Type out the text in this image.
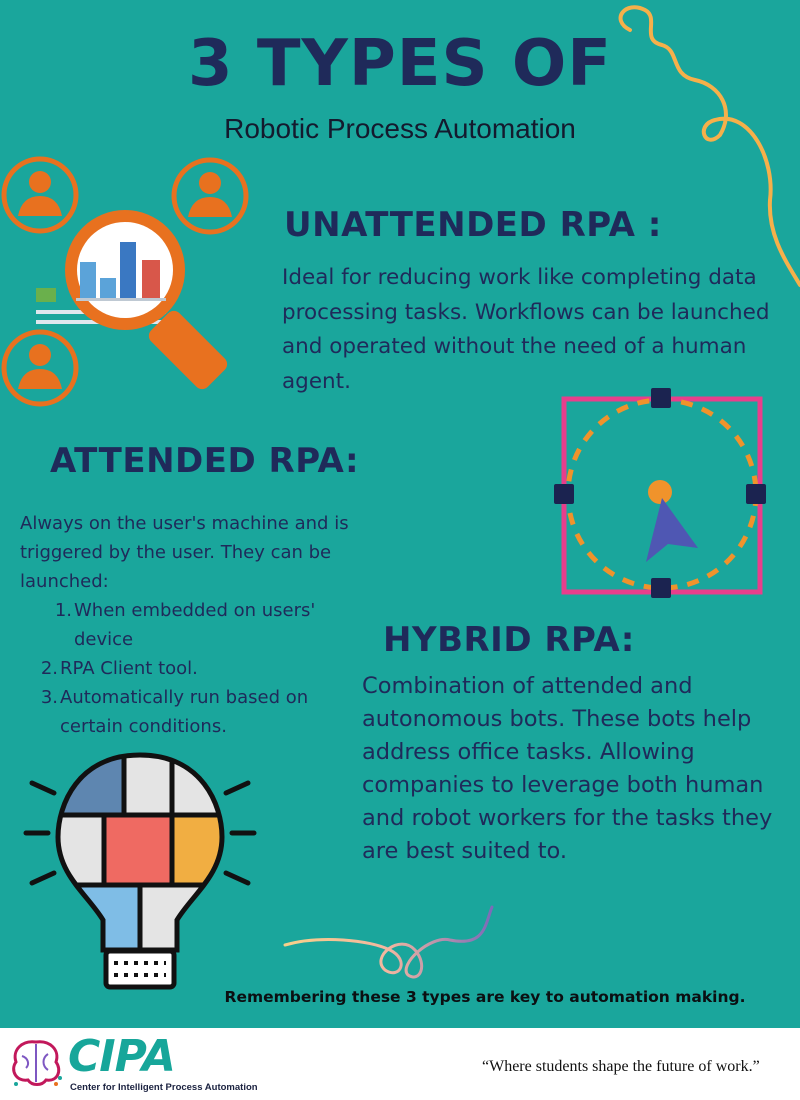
3 TYPES OF
Robotic Process Automation
UNATTENDED RPA :
Ideal for reducing work like completing data processing tasks. Workflows can be launched and operated without the need of a human agent.
ATTENDED RPA:
Always on the user's machine and is triggered by the user. They can be launched:
1. When embedded on users' device
2. RPA Client tool.
3. Automatically run based on certain conditions.
HYBRID RPA:
Combination of attended and autonomous bots. These bots help address office tasks. Allowing companies to leverage both human and robot workers for the tasks they are best suited to.
Remembering these 3 types are key to automation making.
CIPA
Center for Intelligent Process Automation
“Where students shape the future of work.”
